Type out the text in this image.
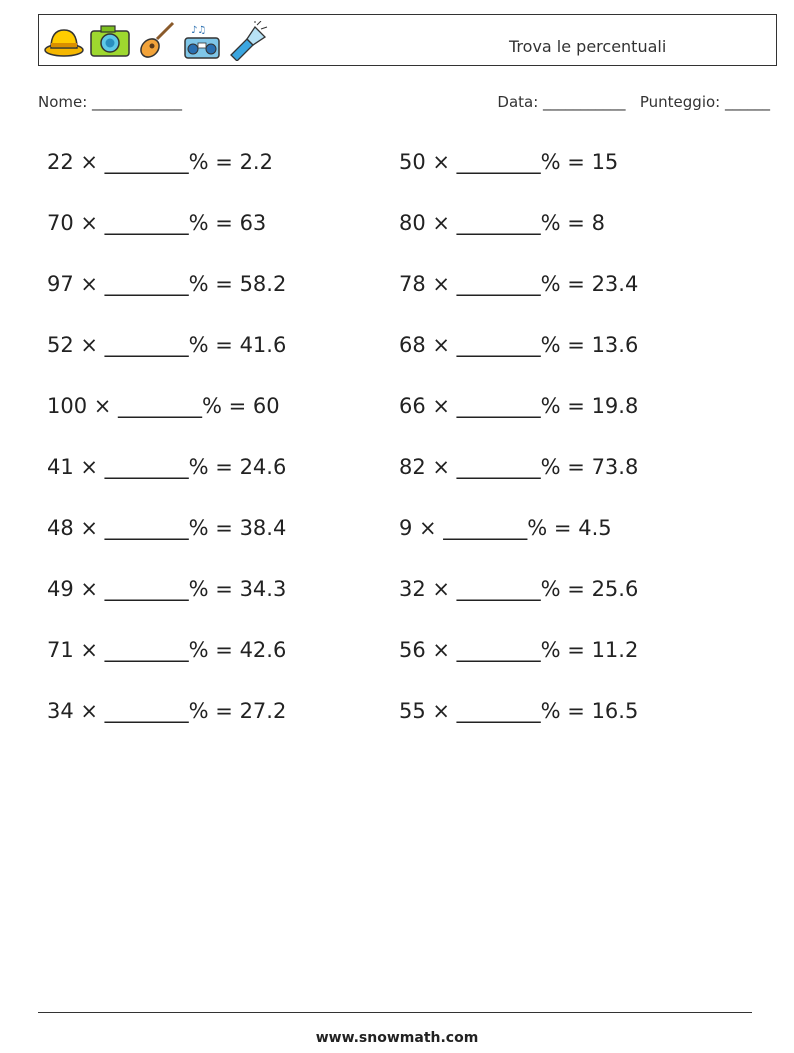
♪♫
Trova le percentuali
Nome: ____________	Data: ___________ Punteggio: ______
22 × ________% = 2.2
70 × ________% = 63
97 × ________% = 58.2
52 × ________% = 41.6
100 × ________% = 60
41 × ________% = 24.6
48 × ________% = 38.4
49 × ________% = 34.3
71 × ________% = 42.6
34 × ________% = 27.2
50 × ________% = 15
80 × ________% = 8
78 × ________% = 23.4
68 × ________% = 13.6
66 × ________% = 19.8
82 × ________% = 73.8
9 × ________% = 4.5
32 × ________% = 25.6
56 × ________% = 11.2
55 × ________% = 16.5
www.snowmath.com
